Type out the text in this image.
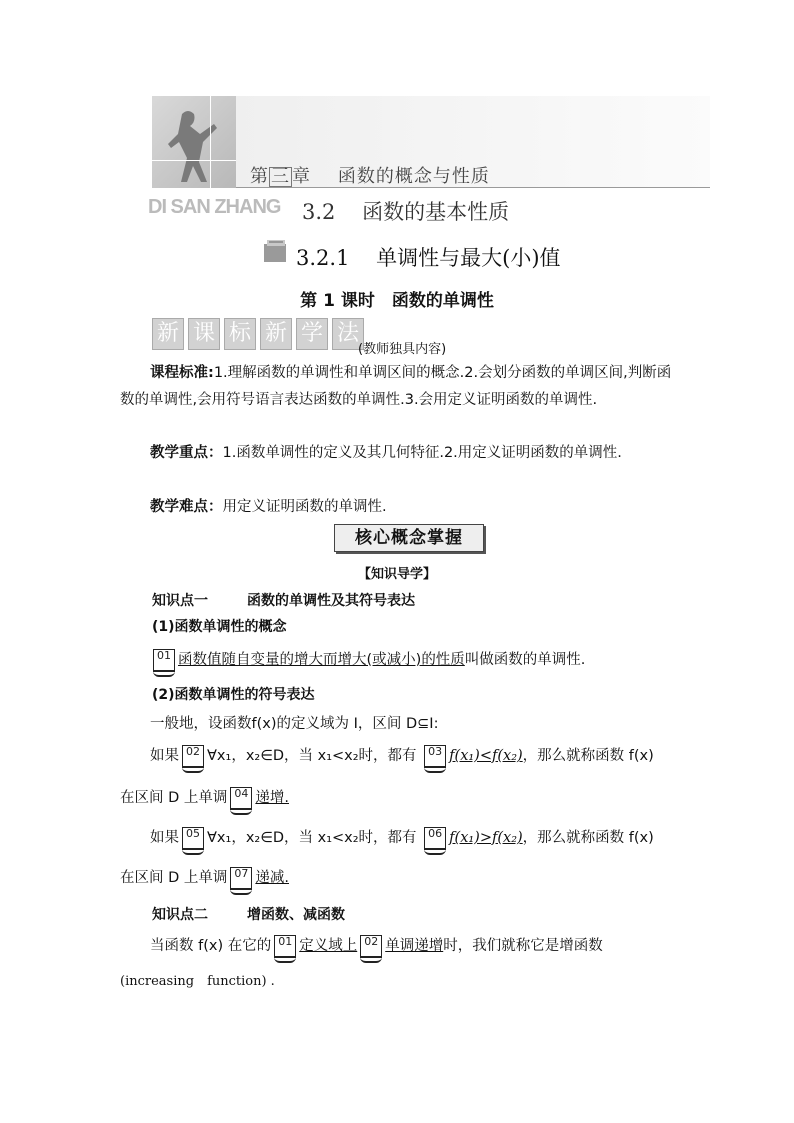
第 三 章 函数的概念与性质
DI SAN ZHANG 3.2 函数的基本性质
3.2.1 单调性与最大(小)值
第 1 课时　函数的单调性
新 课 标 新 学 法
(教师独具内容)
课程标准:1.理解函数的单调性和单调区间的概念.2.会划分函数的单调区间,判断函数的单调性,会用符号语言表达函数的单调性.3.会用定义证明函数的单调性.
教学重点：1.函数单调性的定义及其几何特征.2.用定义证明函数的单调性.
教学难点：用定义证明函数的单调性.
核心概念掌握
【知识导学】
知识点一	函数的单调性及其符号表达
(1)函数单调性的概念
01 函数值随自变量的增大而增大(或减小)的性质叫做函数的单调性.
(2)函数单调性的符号表达
一般地，设函数f(x)的定义域为 I，区间 D⊆I:
如果 02 ∀x₁，x₂∈D，当 x₁<x₂时，都有 03 f(x₁)<f(x₂)，那么就称函数 f(x)
在区间 D 上单调 04 递增.
如果 05 ∀x₁，x₂∈D，当 x₁<x₂时，都有 06 f(x₁)>f(x₂)，那么就称函数 f(x)
在区间 D 上单调 07 递减.
知识点二	增函数、减函数
当函数 f(x) 在它的 01 定义域上 02 单调递增时，我们就称它是增函数
(increasing　function) .
